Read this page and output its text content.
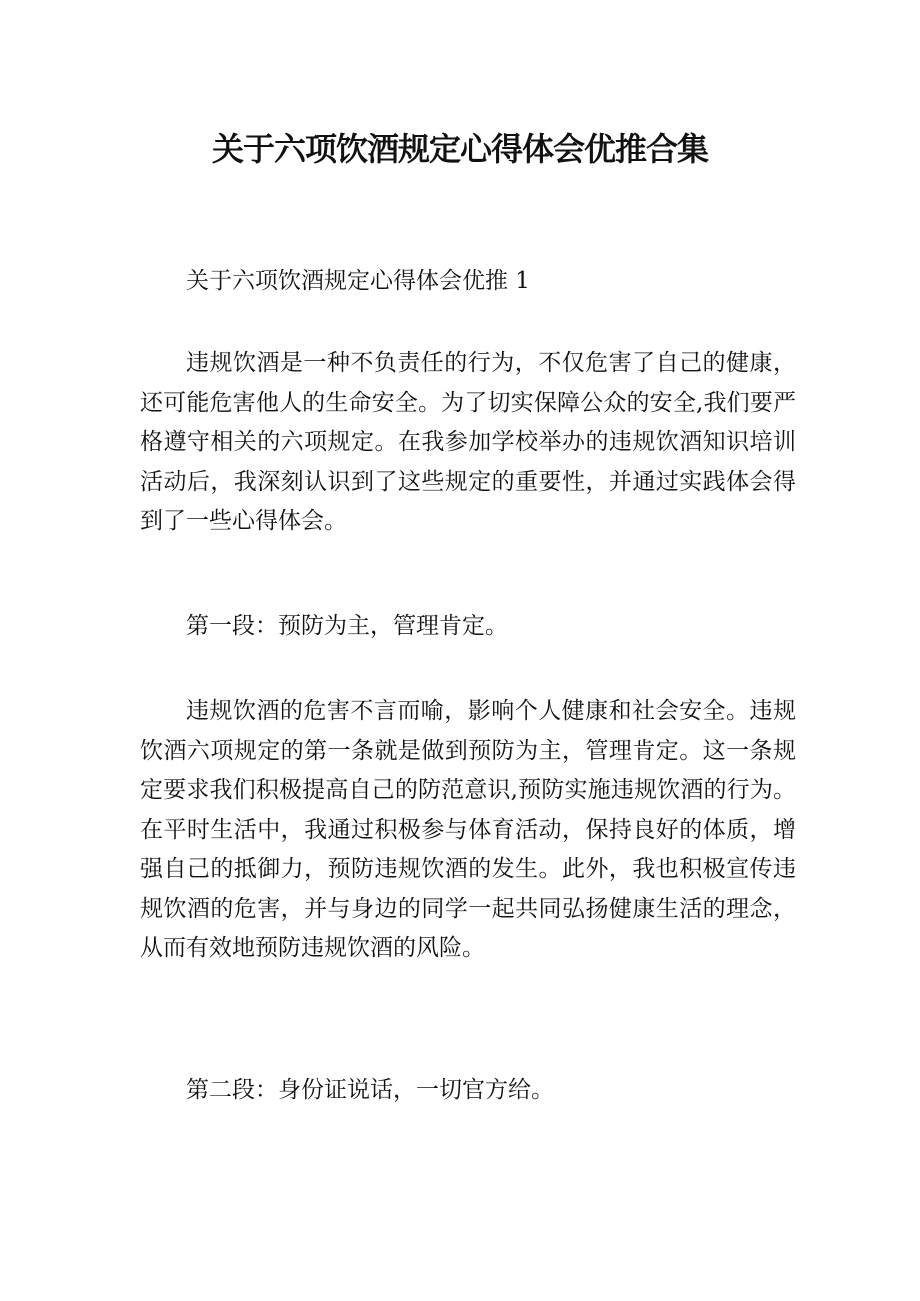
关于六项饮酒规定心得体会优推合集

关于六项饮酒规定心得体会优推 1

违规饮酒是一种不负责任的行为，不仅危害了自己的健康，还可能危害他人的生命安全。为了切实保障公众的安全,我们要严格遵守相关的六项规定。在我参加学校举办的违规饮酒知识培训活动后，我深刻认识到了这些规定的重要性，并通过实践体会得到了一些心得体会。

第一段：预防为主，管理肯定。

违规饮酒的危害不言而喻，影响个人健康和社会安全。违规饮酒六项规定的第一条就是做到预防为主，管理肯定。这一条规定要求我们积极提高自己的防范意识,预防实施违规饮酒的行为。在平时生活中，我通过积极参与体育活动，保持良好的体质，增强自己的抵御力，预防违规饮酒的发生。此外，我也积极宣传违规饮酒的危害，并与身边的同学一起共同弘扬健康生活的理念，从而有效地预防违规饮酒的风险。

第二段：身份证说话，一切官方给。
